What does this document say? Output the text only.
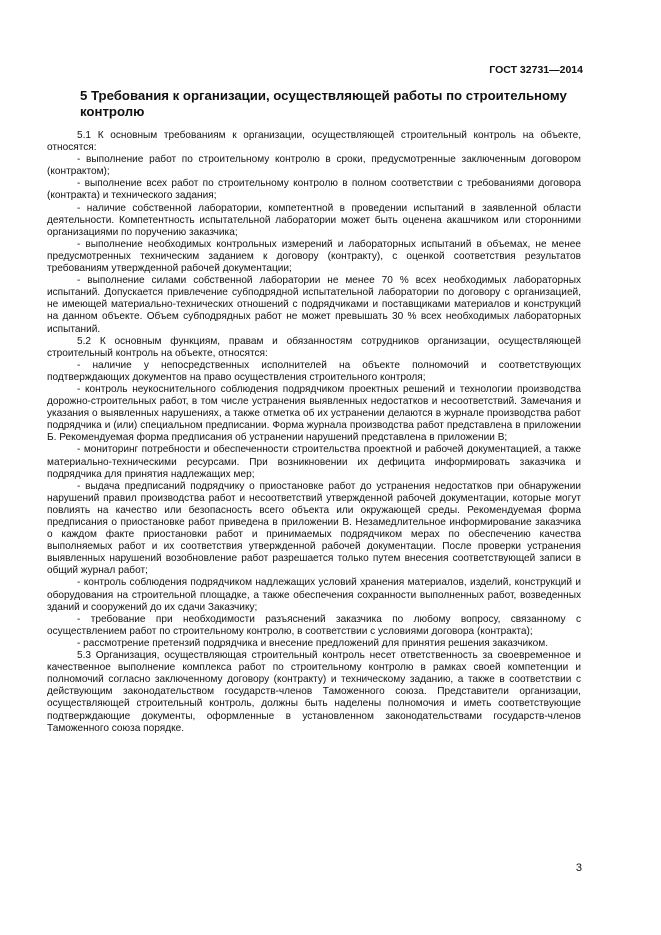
ГОСТ 32731—2014
5 Требования к организации, осуществляющей работы по строительному контролю

5.1 К основным требованиям к организации, осуществляющей строительный контроль на объекте, относятся:

- выполнение работ по строительному контролю в сроки, предусмотренные заключенным договором (контрактом);

- выполнение всех работ по строительному контролю в полном соответствии с требованиями договора (контракта) и технического задания;

- наличие собственной лаборатории, компетентной в проведении испытаний в заявленной области деятельности. Компетентность испытательной лаборатории может быть оценена акашчиком или сторонними организациями по поручению заказчика;

- выполнение необходимых контрольных измерений и лабораторных испытаний в объемах, не менее предусмотренных техническим заданием к договору (контракту), с оценкой соответствия результатов требованиям утвержденной рабочей документации;

- выполнение силами собственной лаборатории не менее 70 % всех необходимых лабораторных испытаний. Допускается привлечение субподрядной испытательной лаборатории по договору с организацией, не имеющей материально-технических отношений с подрядчиками и поставщиками материалов и конструкций на данном объекте. Объем субподрядных работ не может превышать 30 % всех необходимых лабораторных испытаний.

5.2 К основным функциям, правам и обязанностям сотрудников организации, осуществляющей строительный контроль на объекте, относятся:

- наличие у непосредственных исполнителей на объекте полномочий и соответствующих подтверждающих документов на право осуществления строительного контроля;

- контроль неукоснительного соблюдения подрядчиком проектных решений и технологии производства дорожно-строительных работ, в том числе устранения выявленных недостатков и несоответствий. Замечания и указания о выявленных нарушениях, а также отметка об их устранении делаются в журнале производства работ подрядчика и (или) специальном предписании. Форма журнала производства работ представлена в приложении Б. Рекомендуемая форма предписания об устранении нарушений представлена в приложении В;

- мониторинг потребности и обеспеченности строительства проектной и рабочей документацией, а также материально-техническими ресурсами. При возникновении их дефицита информировать заказчика и подрядчика для принятия надлежащих мер;

- выдача предписаний подрядчику о приостановке работ до устранения недостатков при обнаружении нарушений правил производства работ и несоответствий утвержденной рабочей документации, которые могут повлиять на качество или безопасность всего объекта или окружающей среды. Рекомендуемая форма предписания о приостановке работ приведена в приложении В. Незамедлительное информирование заказчика о каждом факте приостановки работ и принимаемых подрядчиком мерах по обеспечению качества выполняемых работ и их соответствия утвержденной рабочей документации. После проверки устранения выявленных нарушений возобновление работ разрешается только путем внесения соответствующей записи в общий журнал работ;

- контроль соблюдения подрядчиком надлежащих условий хранения материалов, изделий, конструкций и оборудования на строительной площадке, а также обеспечения сохранности выполненных работ, возведенных зданий и сооружений до их сдачи Заказчику;

- требование при необходимости разъяснений заказчика по любому вопросу, связанному с осуществлением работ по строительному контролю, в соответствии с условиями договора (контракта);

- рассмотрение претензий подрядчика и внесение предложений для принятия решения заказчиком.

5.3 Организация, осуществляющая строительный контроль несет ответственность за своевременное и качественное выполнение комплекса работ по строительному контролю в рамках своей компетенции и полномочий согласно заключенному договору (контракту) и техническому заданию, а также в соответствии с действующим законодательством государств-членов Таможенного союза. Представители организации, осуществляющей строительный контроль, должны быть наделены полномочия и иметь соответствующие подтверждающие документы, оформленные в установленном законодательствами государств-членов Таможенного союза порядке.

3
